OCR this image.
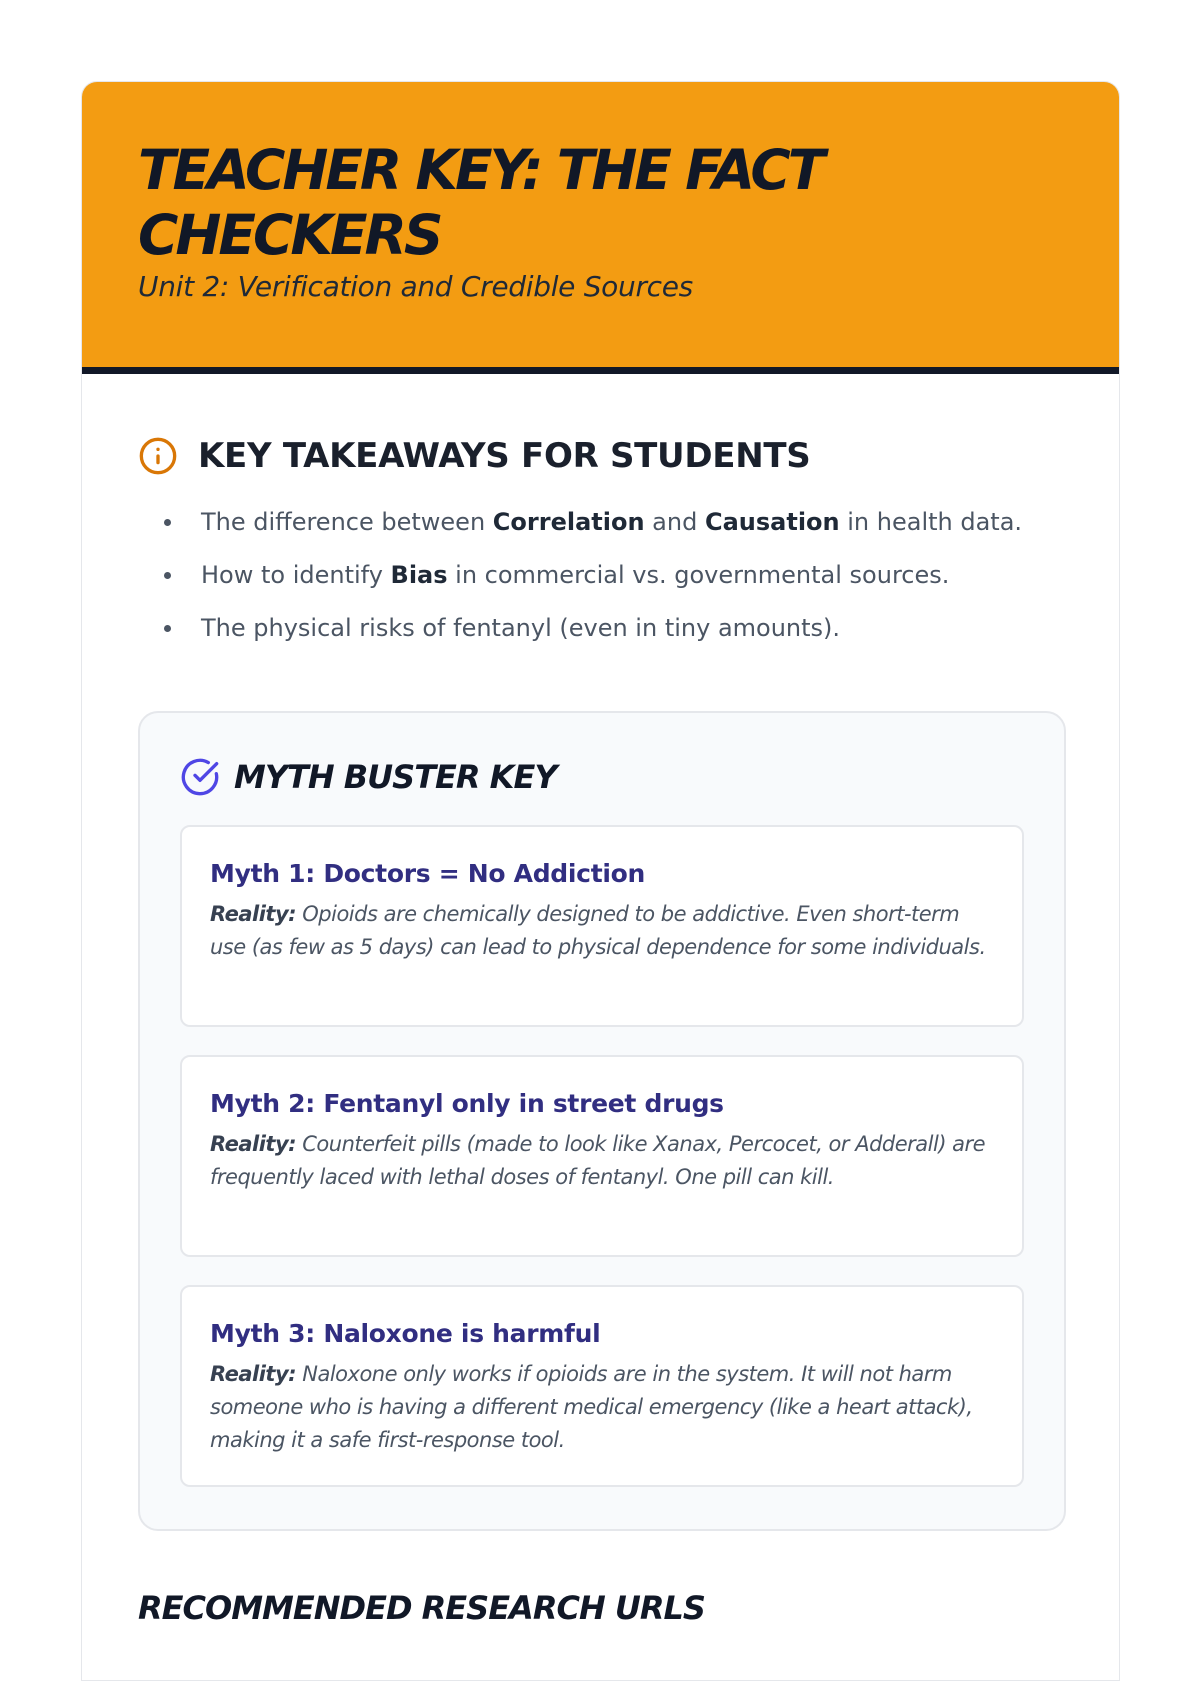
TEACHER KEY: THE FACT CHECKERS
Unit 2: Verification and Credible Sources
KEY TAKEAWAYS FOR STUDENTS
The difference between Correlation and Causation in health data.
How to identify Bias in commercial vs. governmental sources.
The physical risks of fentanyl (even in tiny amounts).
MYTH BUSTER KEY
Myth 1: Doctors = No Addiction

Reality: Opioids are chemically designed to be addictive. Even short-term use (as few as 5 days) can lead to physical dependence for some individuals.

Myth 2: Fentanyl only in street drugs

Reality: Counterfeit pills (made to look like Xanax, Percocet, or Adderall) are frequently laced with lethal doses of fentanyl. One pill can kill.

Myth 3: Naloxone is harmful

Reality: Naloxone only works if opioids are in the system. It will not harm someone who is having a different medical emergency (like a heart attack), making it a safe first-response tool.

RECOMMENDED RESEARCH URLS
